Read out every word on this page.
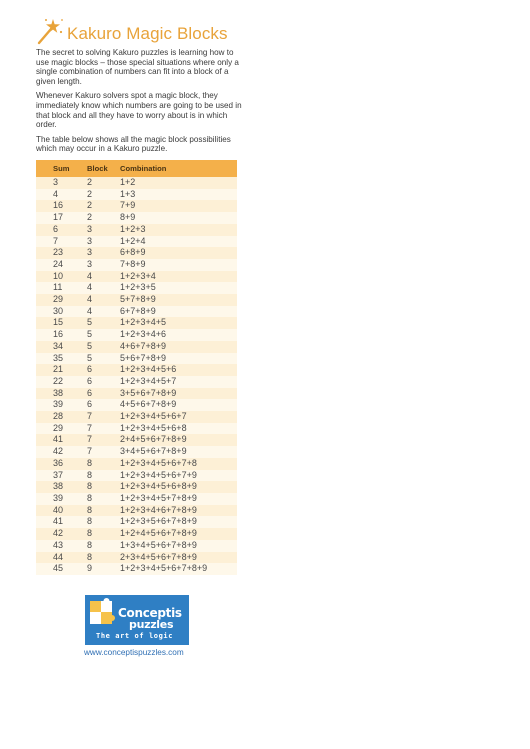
Kakuro Magic Blocks

The secret to solving Kakuro puzzles is learning how to use magic blocks – those special situations where only a single combination of numbers can fit into a block of a given length.

Whenever Kakuro solvers spot a magic block, they immediately know which numbers are going to be used in that block and all they have to worry about is in which order.

The table below shows all the magic block possibilities which may occur in a Kakuro puzzle.

Sum	Block	Combination
3	2	1+2
4	2	1+3
16	2	7+9
17	2	8+9
6	3	1+2+3
7	3	1+2+4
23	3	6+8+9
24	3	7+8+9
10	4	1+2+3+4
11	4	1+2+3+5
29	4	5+7+8+9
30	4	6+7+8+9
15	5	1+2+3+4+5
16	5	1+2+3+4+6
34	5	4+6+7+8+9
35	5	5+6+7+8+9
21	6	1+2+3+4+5+6
22	6	1+2+3+4+5+7
38	6	3+5+6+7+8+9
39	6	4+5+6+7+8+9
28	7	1+2+3+4+5+6+7
29	7	1+2+3+4+5+6+8
41	7	2+4+5+6+7+8+9
42	7	3+4+5+6+7+8+9
36	8	1+2+3+4+5+6+7+8
37	8	1+2+3+4+5+6+7+9
38	8	1+2+3+4+5+6+8+9
39	8	1+2+3+4+5+7+8+9
40	8	1+2+3+4+6+7+8+9
41	8	1+2+3+5+6+7+8+9
42	8	1+2+4+5+6+7+8+9
43	8	1+3+4+5+6+7+8+9
44	8	2+3+4+5+6+7+8+9
45	9	1+2+3+4+5+6+7+8+9
Conceptis
puzzles
The art of logic
www.conceptispuzzles.com
